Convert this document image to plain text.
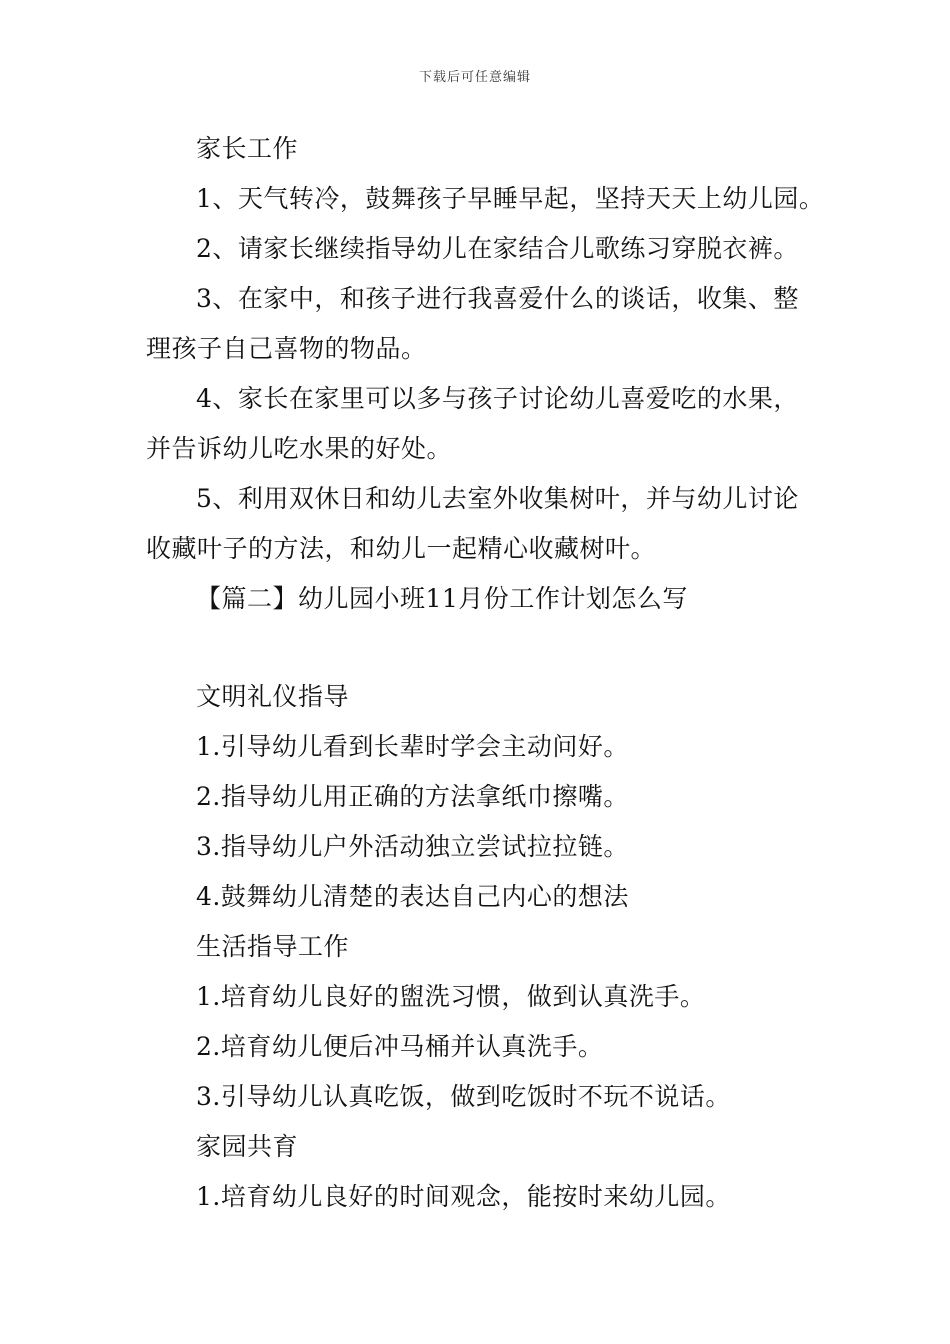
下载后可任意编辑
家长工作
1、天气转冷，鼓舞孩子早睡早起，坚持天天上幼儿园。
2、请家长继续指导幼儿在家结合儿歌练习穿脱衣裤。
3、在家中，和孩子进行我喜爱什么的谈话，收集、整
理孩子自己喜物的物品。
4、家长在家里可以多与孩子讨论幼儿喜爱吃的水果，
并告诉幼儿吃水果的好处。
5、利用双休日和幼儿去室外收集树叶，并与幼儿讨论
收藏叶子的方法，和幼儿一起精心收藏树叶。
【篇二】幼儿园小班11月份工作计划怎么写
文明礼仪指导
1.引导幼儿看到长辈时学会主动问好。
2.指导幼儿用正确的方法拿纸巾擦嘴。
3.指导幼儿户外活动独立尝试拉拉链。
4.鼓舞幼儿清楚的表达自己内心的想法
生活指导工作
1.培育幼儿良好的盥洗习惯，做到认真洗手。
2.培育幼儿便后冲马桶并认真洗手。
3.引导幼儿认真吃饭，做到吃饭时不玩不说话。
家园共育
1.培育幼儿良好的时间观念，能按时来幼儿园。
